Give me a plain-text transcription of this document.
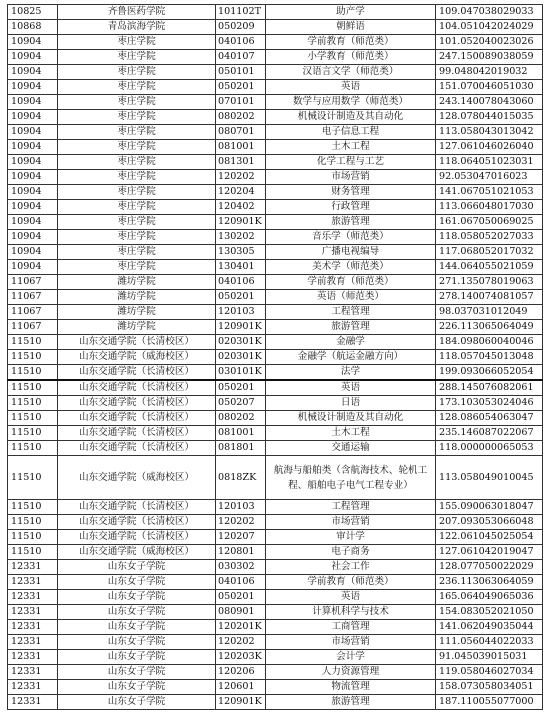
10825	齐鲁医药学院	101102T	助产学	109.047038029033
10868	青岛滨海学院	050209	朝鲜语	104.051042024029
10904	枣庄学院	040106	学前教育（师范类）	101.052040023026
10904	枣庄学院	040107	小学教育（师范类）	247.150089038059
10904	枣庄学院	050101	汉语言文学（师范类）	99.048042019032
10904	枣庄学院	050201	英语	151.070046051030
10904	枣庄学院	070101	数学与应用数学（师范类）	243.140078043060
10904	枣庄学院	080202	机械设计制造及其自动化	128.078044015035
10904	枣庄学院	080701	电子信息工程	113.058043013042
10904	枣庄学院	081001	土木工程	127.061046026040
10904	枣庄学院	081301	化学工程与工艺	118.064051023031
10904	枣庄学院	120202	市场营销	92.053047016023
10904	枣庄学院	120204	财务管理	141.067051021053
10904	枣庄学院	120402	行政管理	113.066048017030
10904	枣庄学院	120901K	旅游管理	161.067050069025
10904	枣庄学院	130202	音乐学（师范类）	118.058052027033
10904	枣庄学院	130305	广播电视编导	117.068052017032
10904	枣庄学院	130401	美术学（师范类）	144.064055021059
11067	潍坊学院	040106	学前教育（师范类）	271.135078019063
11067	潍坊学院	050201	英语（师范类）	278.140074081057
11067	潍坊学院	120103	工程管理	98.037031012049
11067	潍坊学院	120901K	旅游管理	226.113065064049
11510	山东交通学院（长清校区）	020301K	金融学	184.098060040046
11510	山东交通学院（威海校区）	020301K	金融学（航运金融方向）	118.057045013048
11510	山东交通学院（长清校区）	030101K	法学	199.093066052054
11510	山东交通学院（长清校区）	050201	英语	288.145076082061
11510	山东交通学院（长清校区）	050207	日语	173.103053024046
11510	山东交通学院（长清校区）	080202	机械设计制造及其自动化	128.086054063047
11510	山东交通学院（长清校区）	081001	土木工程	235.146087022067
11510	山东交通学院（长清校区）	081801	交通运输	118.000000065053
11510	山东交通学院（威海校区）	0818ZK	航海与船舶类（含航海技术、轮机工程、船舶电子电气工程专业）	113.058049010045
11510	山东交通学院（长清校区）	120103	工程管理	155.090063018047
11510	山东交通学院（长清校区）	120202	市场营销	207.093053066048
11510	山东交通学院（长清校区）	120207	审计学	122.061045025054
11510	山东交通学院（威海校区）	120801	电子商务	127.061042019047
12331	山东女子学院	030302	社会工作	128.077050022029
12331	山东女子学院	040106	学前教育（师范类）	236.113063064059
12331	山东女子学院	050201	英语	165.064049065036
12331	山东女子学院	080901	计算机科学与技术	154.083052021050
12331	山东女子学院	120201K	工商管理	141.062049035044
12331	山东女子学院	120202	市场营销	111.056044022033
12331	山东女子学院	120203K	会计学	91.045039015031
12331	山东女子学院	120206	人力资源管理	119.058046027034
12331	山东女子学院	120601	物流管理	158.073058034051
12331	山东女子学院	120901K	旅游管理	187.110055077000
